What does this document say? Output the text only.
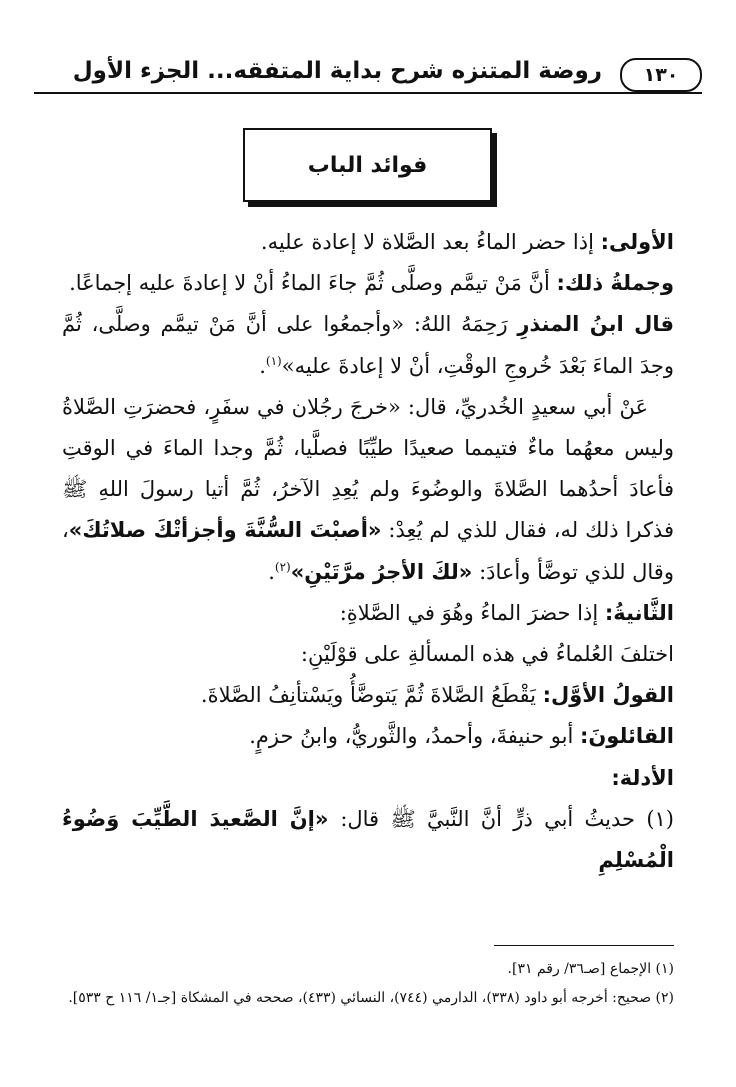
روضة المتنزه شرح بداية المتفقه... الجزء الأول	١٣٠
فوائد الباب

الأولى: إذا حضر الماءُ بعد الصَّلاة لا إعادة عليه.

وجملةُ ذلك: أنَّ مَنْ تيمَّم وصلَّى ثُمَّ جاءَ الماءُ أنْ لا إعادةَ عليه إجماعًا.

قال ابنُ المنذرِ رَحِمَهُ اللهُ: «وأجمعُوا على أنَّ مَنْ تيمَّم وصلَّى، ثُمَّ وجدَ الماءَ بَعْدَ خُروجِ الوقْتِ، أنْ لا إعادةَ عليه»$^{(١)}$.

عَنْ أبي سعيدٍ الخُدريِّ، قال: «خرجَ رجُلان في سفَرٍ، فحضرَتِ الصَّلاةُ وليس معهُما ماءٌ فتيمما صعيدًا طيِّبًا فصلَّيا، ثُمَّ وجدا الماءَ في الوقتِ فأعادَ أحدُهما الصَّلاةَ والوضُوءَ ولم يُعِدِ الآخرُ، ثُمَّ أتيا رسولَ اللهِ ﷺ فذكرا ذلك له، فقال للذي لم يُعِدْ: «أصبْتَ السُّنَّةَ وأجزأتْكَ صلاتُكَ»، وقال للذي توضَّأ وأعادَ: «لكَ الأجرُ مرَّتَيْنِ»$^{(٢)}$.

الثَّانيةُ: إذا حضرَ الماءُ وهُوَ في الصَّلاةِ:

اختلفَ العُلماءُ في هذه المسألةِ على قوْلَيْنِ:

القولُ الأوَّل: يَقْطَعُ الصَّلاةَ ثُمَّ يَتوضَّأُ ويَسْتأنِفُ الصَّلاةَ.

القائلونَ: أبو حنيفةَ، وأحمدُ، والثَّوريُّ، وابنُ حزمٍ.

الأدلة:

(١) حديثُ أبي ذرٍّ أنَّ النَّبيَّ ﷺ قال: «إنَّ الصَّعيدَ الطَّيِّبَ وَضُوءُ الْمُسْلِمِ

(١) الإجماع [صـ٣٦/ رقم ٣١].

(٢) صحيح: أخرجه أبو داود (٣٣٨)، الدارمي (٧٤٤)، النسائي (٤٣٣)، صححه في المشكاة [جـ١/ ١١٦ ح ٥٣٣].
